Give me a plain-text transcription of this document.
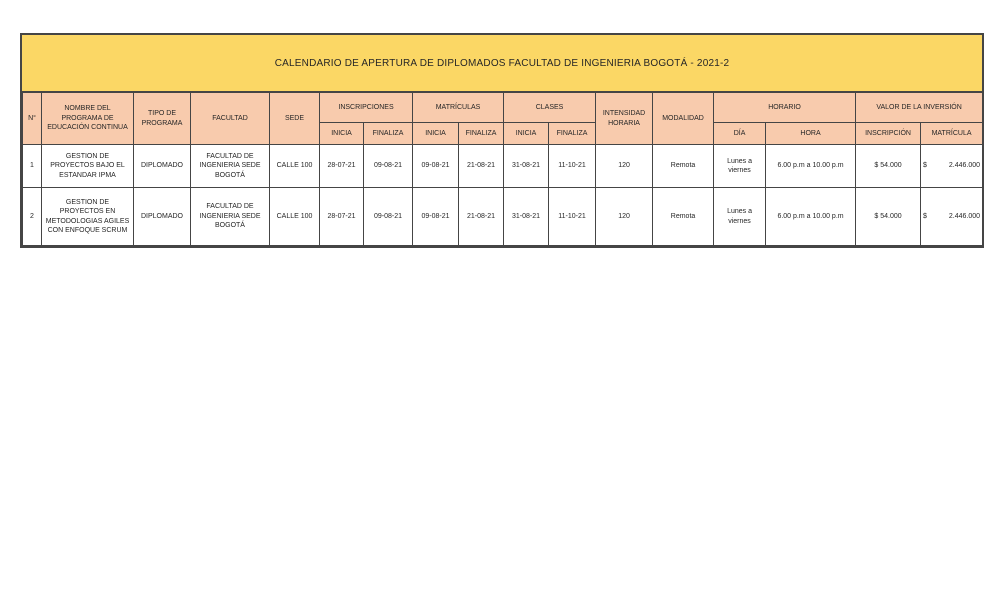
CALENDARIO DE APERTURA DE DIPLOMADOS FACULTAD DE INGENIERIA BOGOTÁ - 2021-2
N°	NOMBRE DEL PROGRAMA DE EDUCACIÓN CONTINUA	TIPO DE PROGRAMA	FACULTAD	SEDE	INSCRIPCIONES		MATRÍCULAS		CLASES		INTENSIDAD HORARIA	MODALIDAD	HORARIO		VALOR DE LA INVERSIÓN	
					INICIA	FINALIZA	INICIA	FINALIZA	INICIA	FINALIZA			DÍA	HORA	INSCRIPCIÓN	MATRÍCULA
1	GESTION DE PROYECTOS BAJO EL ESTANDAR IPMA	DIPLOMADO	FACULTAD DE INGENIERIA SEDE BOGOTÁ	CALLE 100	28-07-21	09-08-21	09-08-21	21-08-21	31-08-21	11-10-21	120	Remota	Lunes a viernes	6.00 p.m a 10.00 p.m	$ 54.000	$ 2.446.000

2	GESTION DE PROYECTOS EN METODOLOGIAS AGILES CON ENFOQUE SCRUM	DIPLOMADO	FACULTAD DE INGENIERIA SEDE BOGOTÁ	CALLE 100	28-07-21	09-08-21	09-08-21	21-08-21	31-08-21	11-10-21	120	Remota	Lunes a viernes	6.00 p.m a 10.00 p.m	$ 54.000	$ 2.446.000
